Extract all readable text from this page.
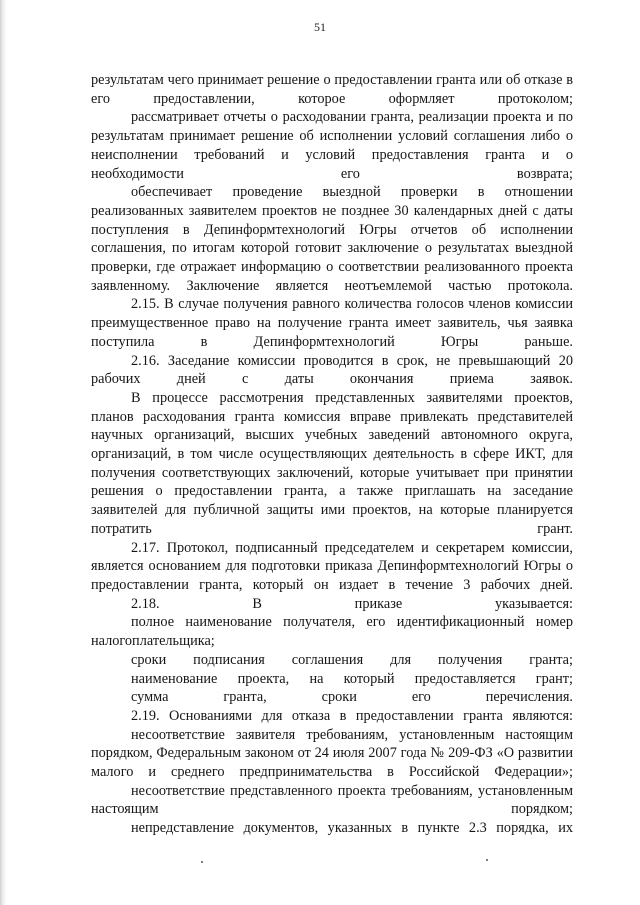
51

результатам чего принимает решение о предоставлении гранта или об отказе в его предоставлении, которое оформляет протоколом;

рассматривает отчеты о расходовании гранта, реализации проекта и по результатам принимает решение об исполнении условий соглашения либо о неисполнении требований и условий предоставления гранта и о необходимости его возврата;

обеспечивает проведение выездной проверки в отношении реализованных заявителем проектов не позднее 30 календарных дней с даты поступления в Депинформтехнологий Югры отчетов об исполнении соглашения, по итогам которой готовит заключение о результатах выездной проверки, где отражает информацию о соответствии реализованного проекта заявленному. Заключение является неотъемлемой частью протокола.

2.15. В случае получения равного количества голосов членов комиссии преимущественное право на получение гранта имеет заявитель, чья заявка поступила в Депинформтехнологий Югры раньше.

2.16. Заседание комиссии проводится в срок, не превышающий 20 рабочих дней с даты окончания приема заявок.

В процессе рассмотрения представленных заявителями проектов, планов расходования гранта комиссия вправе привлекать представителей научных организаций, высших учебных заведений автономного округа, организаций, в том числе осуществляющих деятельность в сфере ИКТ, для получения соответствующих заключений, которые учитывает при принятии решения о предоставлении гранта, а также приглашать на заседание заявителей для публичной защиты ими проектов, на которые планируется потратить грант.

2.17. Протокол, подписанный председателем и секретарем комиссии, является основанием для подготовки приказа Депинформтехнологий Югры о предоставлении гранта, который он издает в течение 3 рабочих дней.

2.18. В приказе указывается:

полное наименование получателя, его идентификационный номер налогоплательщика;

сроки подписания соглашения для получения гранта;

наименование проекта, на который предоставляется грант;

сумма гранта, сроки его перечисления.

2.19. Основаниями для отказа в предоставлении гранта являются:

несоответствие заявителя требованиям, установленным настоящим порядком, Федеральным законом от 24 июля 2007 года № 209-ФЗ «О развитии малого и среднего предпринимательства в Российской Федерации»;

несоответствие представленного проекта требованиям, установленным настоящим порядком;

непредставление документов, указанных в пункте 2.3 порядка, их
